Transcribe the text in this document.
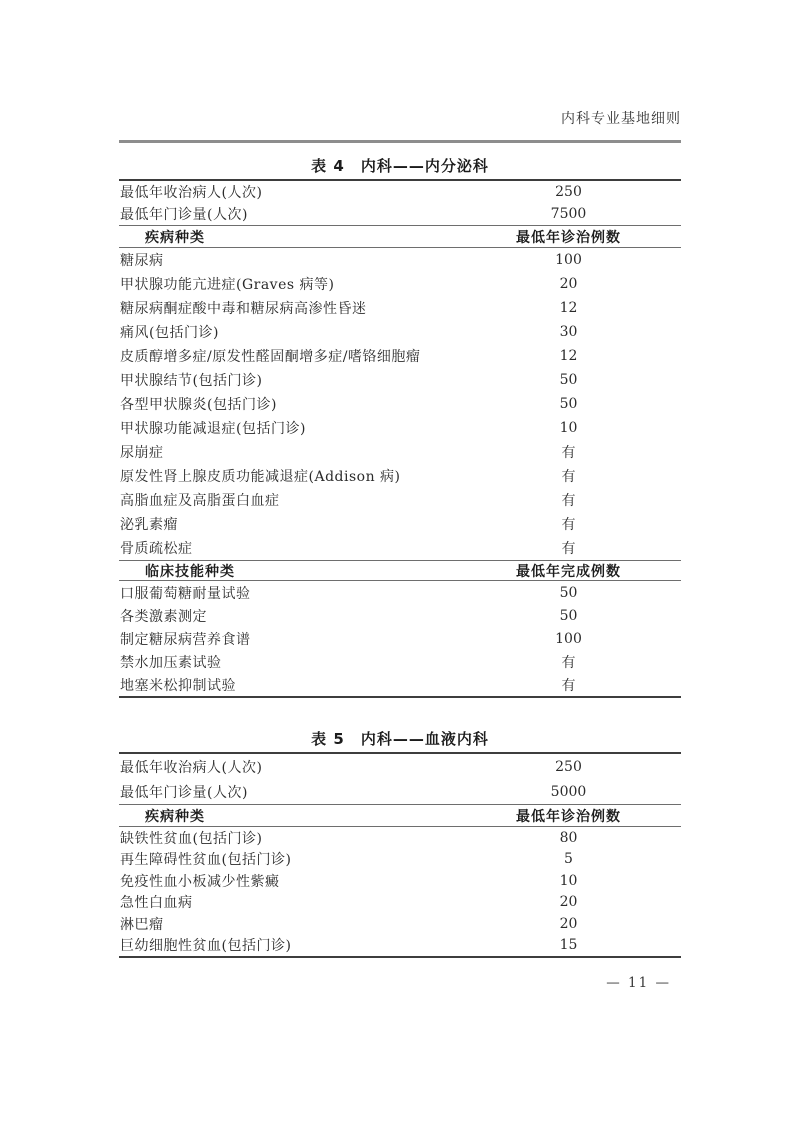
内科专业基地细则
表 4　内科——内分泌科
最低年收治病人(人次)	250
最低年门诊量(人次)	7500
疾病种类	最低年诊治例数
糖尿病	100
甲状腺功能亢进症(Graves 病等)	20
糖尿病酮症酸中毒和糖尿病高渗性昏迷	12
痛风(包括门诊)	30
皮质醇增多症/原发性醛固酮增多症/嗜铬细胞瘤	12
甲状腺结节(包括门诊)	50
各型甲状腺炎(包括门诊)	50
甲状腺功能减退症(包括门诊)	10
尿崩症	有
原发性肾上腺皮质功能减退症(Addison 病)	有
高脂血症及高脂蛋白血症	有
泌乳素瘤	有
骨质疏松症	有
临床技能种类	最低年完成例数
口服葡萄糖耐量试验	50
各类激素测定	50
制定糖尿病营养食谱	100
禁水加压素试验	有
地塞米松抑制试验	有
表 5　内科——血液内科
最低年收治病人(人次)	250
最低年门诊量(人次)	5000
疾病种类	最低年诊治例数
缺铁性贫血(包括门诊)	80
再生障碍性贫血(包括门诊)	5
免疫性血小板减少性紫癜	10
急性白血病	20
淋巴瘤	20
巨幼细胞性贫血(包括门诊)	15
— 11 —
